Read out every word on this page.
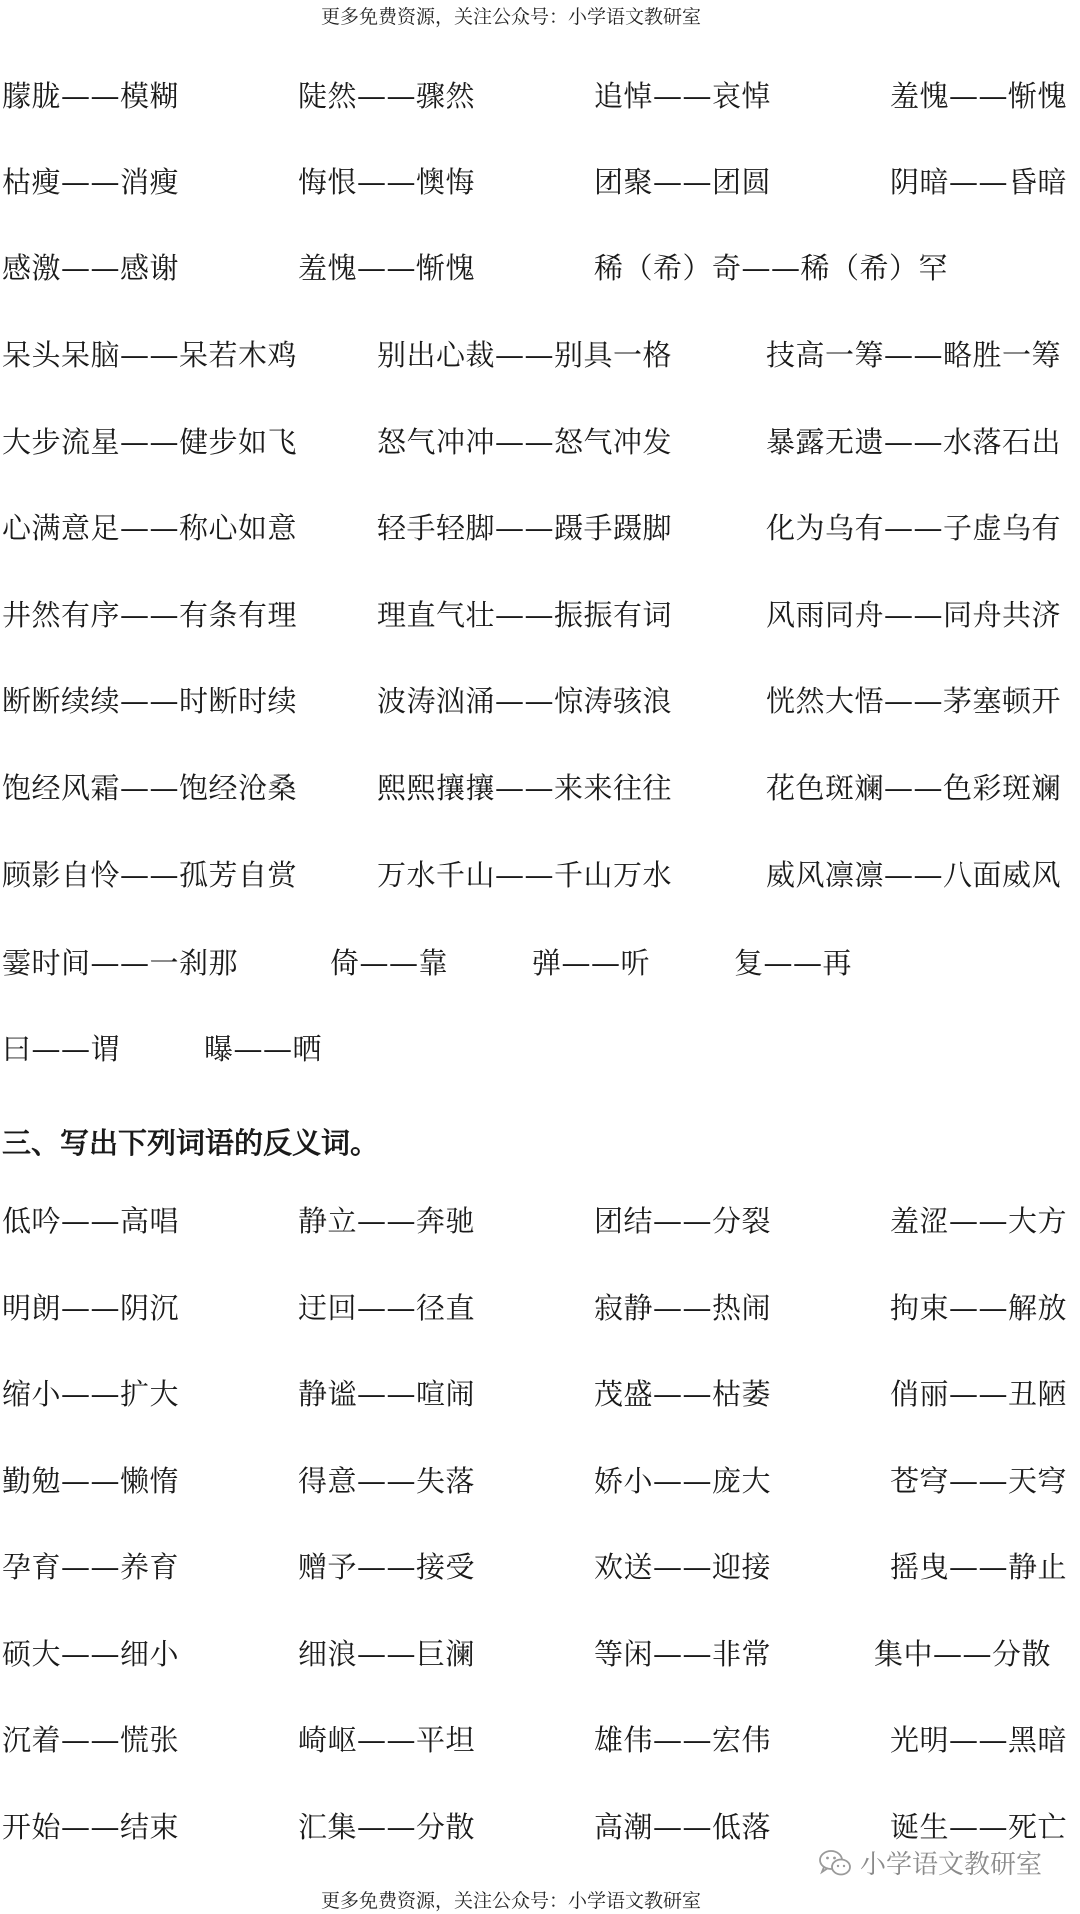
更多免费资源，关注公众号：小学语文教研室
朦胧——模糊	陡然——骤然	追悼——哀悼	羞愧——惭愧
枯瘦——消瘦	悔恨——懊悔	团聚——团圆	阴暗——昏暗
感激——感谢	羞愧——惭愧	稀（希）奇——稀（希）罕
呆头呆脑——呆若木鸡	别出心裁——别具一格	技高一筹——略胜一筹
大步流星——健步如飞	怒气冲冲——怒气冲发	暴露无遗——水落石出
心满意足——称心如意	轻手轻脚——蹑手蹑脚	化为乌有——子虚乌有
井然有序——有条有理	理直气壮——振振有词	风雨同舟——同舟共济
断断续续——时断时续	波涛汹涌——惊涛骇浪	恍然大悟——茅塞顿开
饱经风霜——饱经沧桑	熙熙攘攘——来来往往	花色斑斓——色彩斑斓
顾影自怜——孤芳自赏	万水千山——千山万水	威风凛凛——八面威风
霎时间——一刹那	倚——靠	弹——听	复——再
曰——谓	曝——晒
低吟——高唱	静立——奔驰	团结——分裂	羞涩——大方
明朗——阴沉	迂回——径直	寂静——热闹	拘束——解放
缩小——扩大	静谧——喧闹	茂盛——枯萎	俏丽——丑陋
勤勉——懒惰	得意——失落	娇小——庞大	苍穹——天穹
孕育——养育	赠予——接受	欢送——迎接	摇曳——静止
硕大——细小	细浪——巨澜	等闲——非常	集中——分散
沉着——慌张	崎岖——平坦	雄伟——宏伟	光明——黑暗
开始——结束	汇集——分散	高潮——低落	诞生——死亡
三、写出下列词语的反义词。
小学语文教研室
更多免费资源，关注公众号：小学语文教研室
